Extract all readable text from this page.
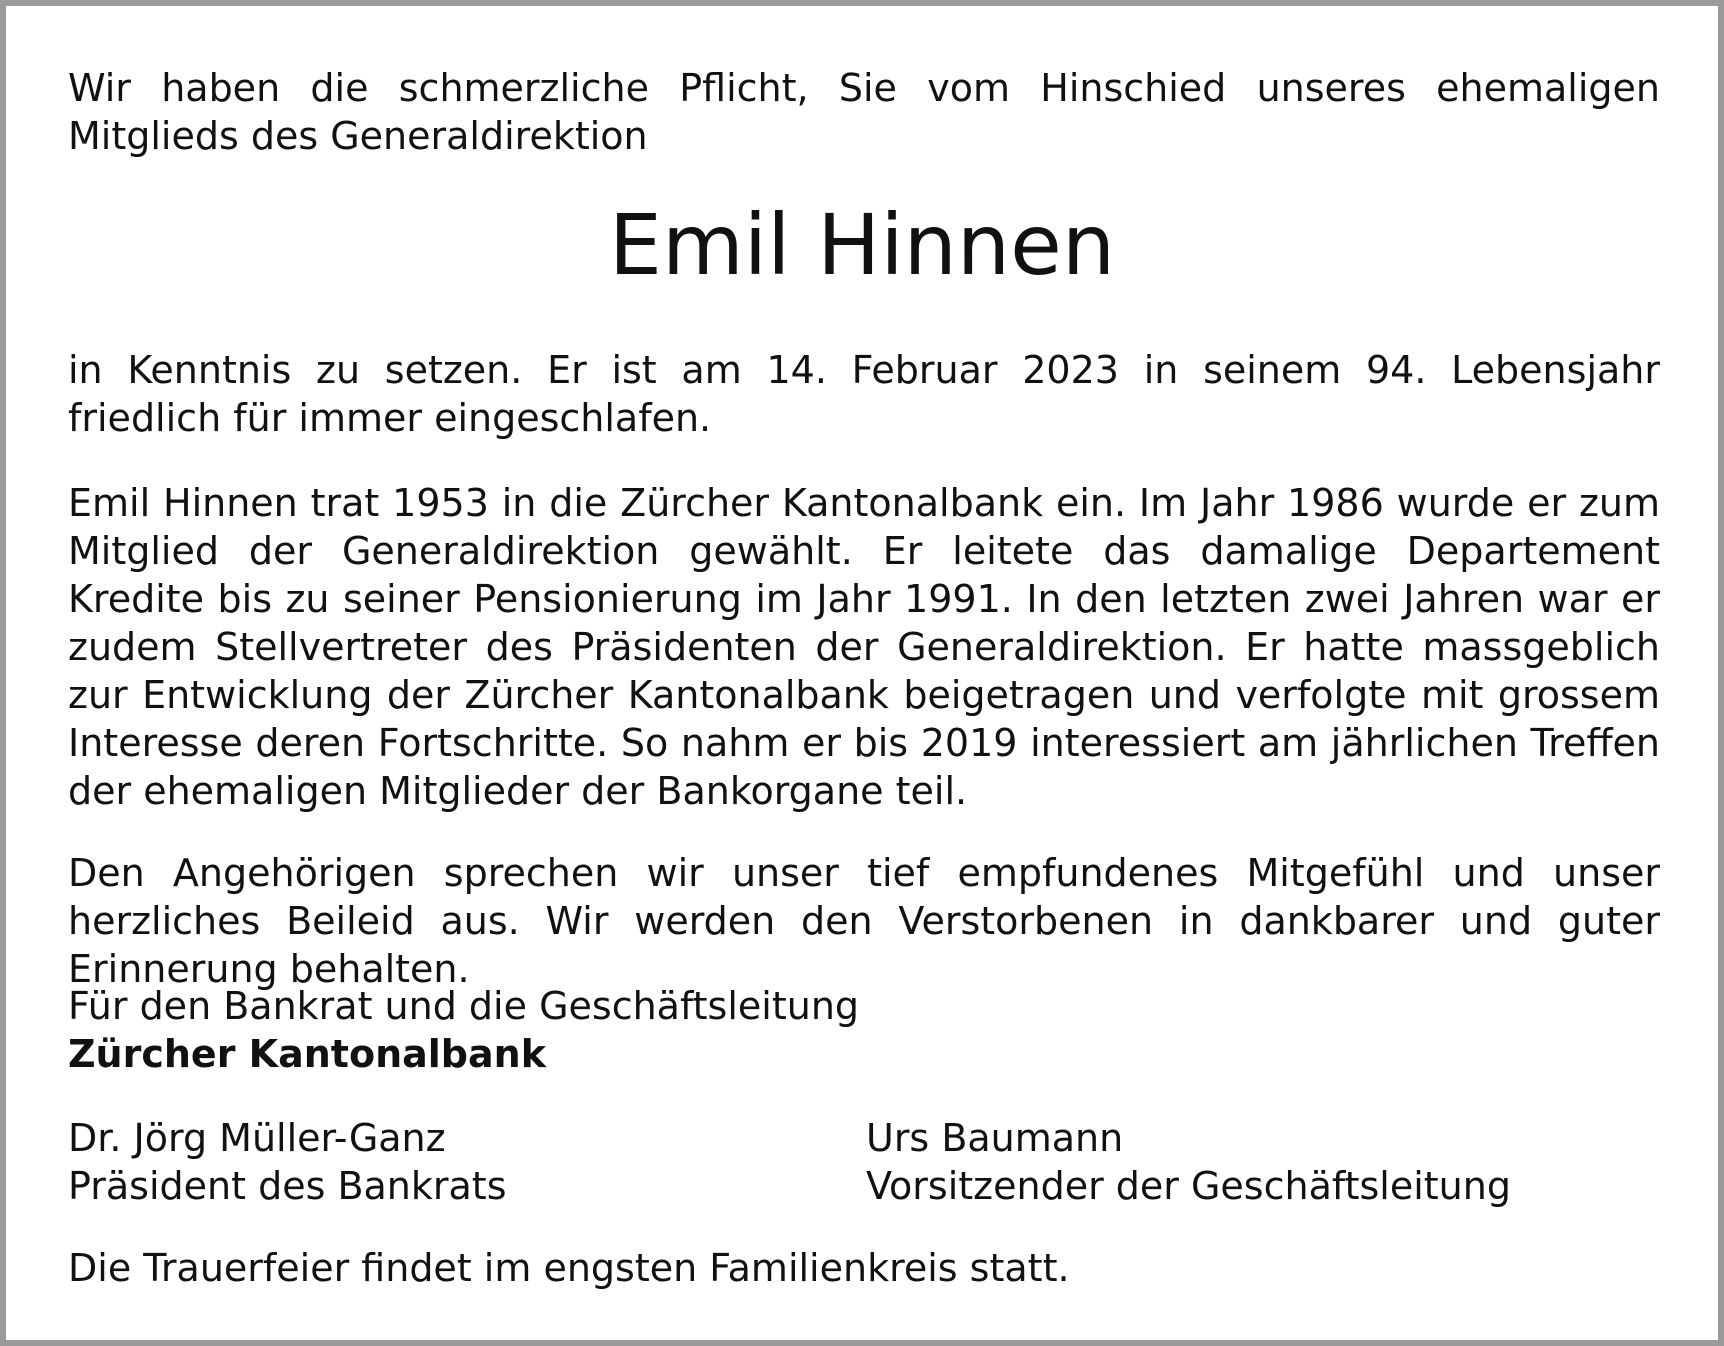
Wir haben die schmerzliche Pflicht, Sie vom Hinschied unseres ehemaligen Mitglieds des Generaldirektion

Emil Hinnen

in Kenntnis zu setzen. Er ist am 14. Februar 2023 in seinem 94. Lebensjahr friedlich für immer eingeschlafen.

Emil Hinnen trat 1953 in die Zürcher Kantonalbank ein. Im Jahr 1986 wurde er zum Mitglied der Generaldirektion gewählt. Er leitete das damalige Departement Kredite bis zu seiner Pensionierung im Jahr 1991. In den letzten zwei Jahren war er zudem Stellvertreter des Präsidenten der Generaldirektion. Er hatte massgeblich zur Entwicklung der Zürcher Kantonalbank beigetragen und verfolgte mit grossem Interesse deren Fortschritte. So nahm er bis 2019 interessiert am jährlichen Treffen der ehemaligen Mitglieder der Bankorgane teil.

Den Angehörigen sprechen wir unser tief empfundenes Mitgefühl und unser herzliches Beileid aus. Wir werden den Verstorbenen in dankbarer und guter Erinnerung behalten.

Für den Bankrat und die Geschäftsleitung

Zürcher Kantonalbank

Dr. Jörg Müller-Ganz
Präsident des Bankrats
Urs Baumann
Vorsitzender der Geschäftsleitung

Die Trauerfeier findet im engsten Familienkreis statt.
